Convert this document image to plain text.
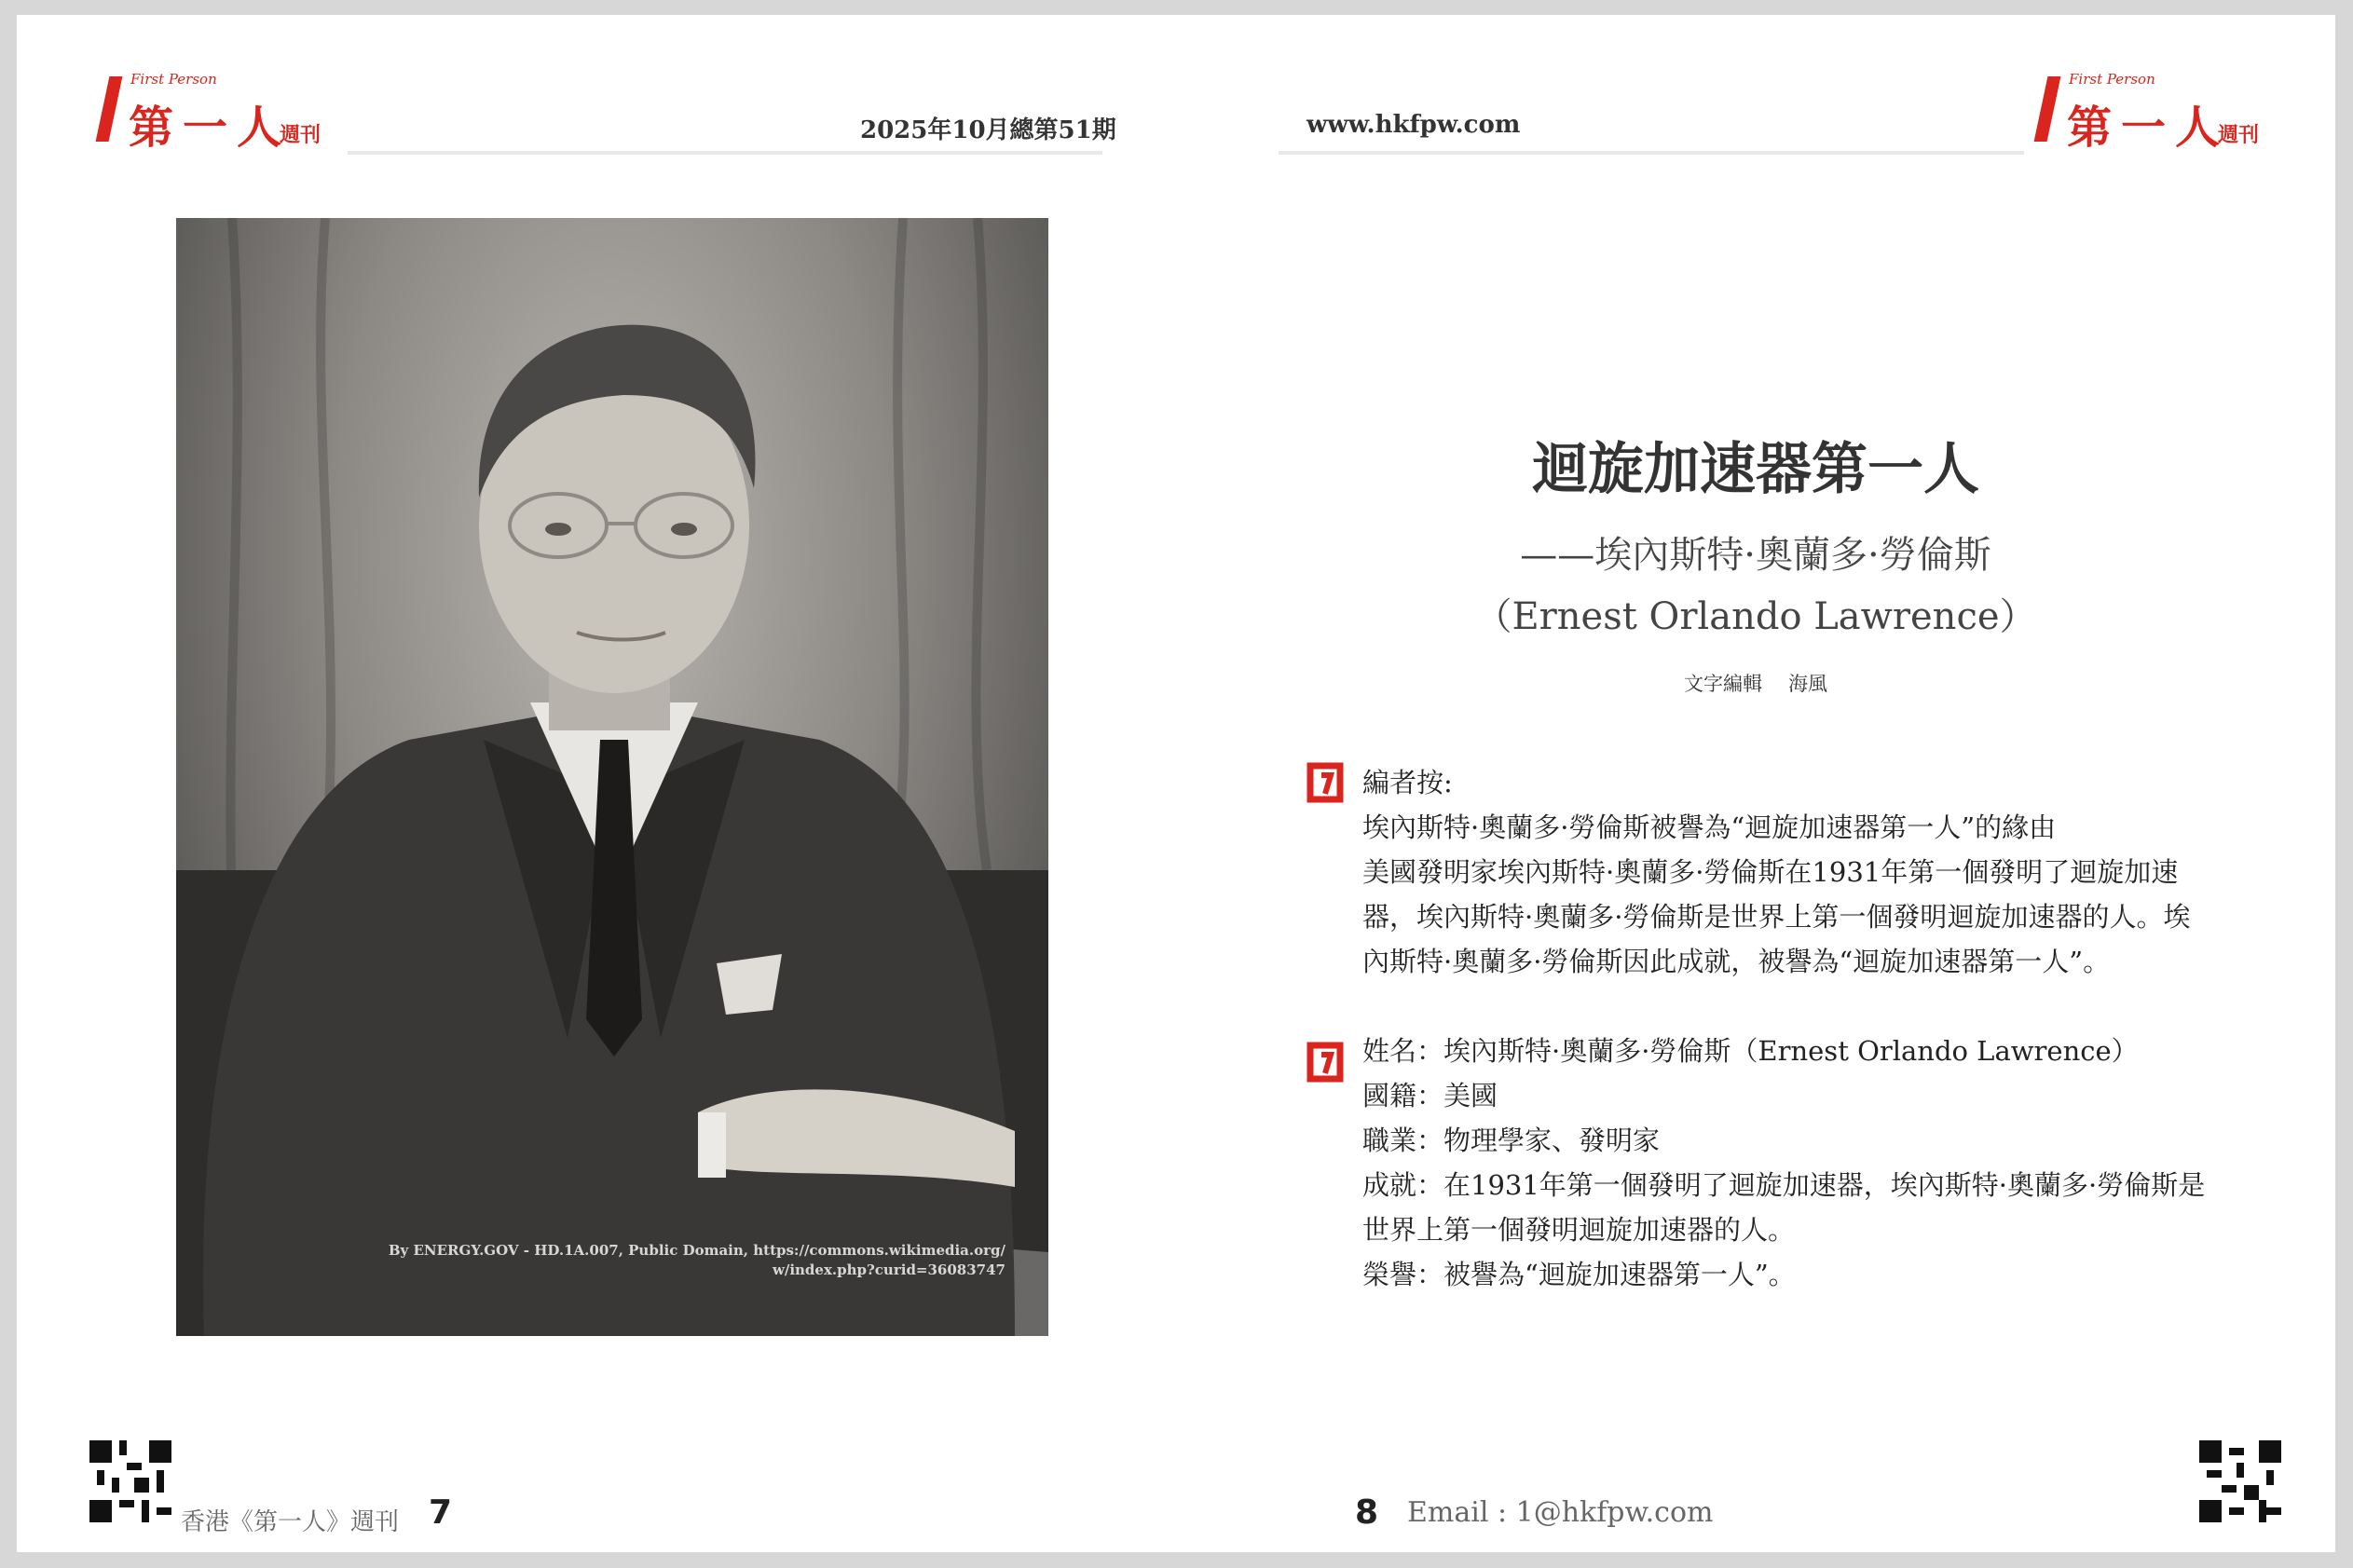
First Person
第一人
週刊	2025年10月總第51期
By ENERGY.GOV - HD.1A.007, Public Domain, https://commons.wikimedia.org/
w/index.php?curid=36083747
香港《第一人》週刊 7
www.hkfpw.com
First Person
第一人
週刊
迴旋加速器第一人
——埃內斯特·奧蘭多·勞倫斯
（Ernest Orlando Lawrence）
文字編輯 海風
編者按:
埃內斯特·奧蘭多·勞倫斯被譽為“迴旋加速器第一人”的緣由
美國發明家埃內斯特·奧蘭多·勞倫斯在1931年第一個發明了迴旋加速
器，埃內斯特·奧蘭多·勞倫斯是世界上第一個發明迴旋加速器的人。埃
內斯特·奧蘭多·勞倫斯因此成就，被譽為“迴旋加速器第一人”。
姓名：埃內斯特·奧蘭多·勞倫斯（Ernest Orlando Lawrence）
國籍：美國
職業：物理學家、發明家
成就：在1931年第一個發明了迴旋加速器，埃內斯特·奧蘭多·勞倫斯是
世界上第一個發明迴旋加速器的人。
榮譽：被譽為“迴旋加速器第一人”。
8 Email : 1@hkfpw.com
